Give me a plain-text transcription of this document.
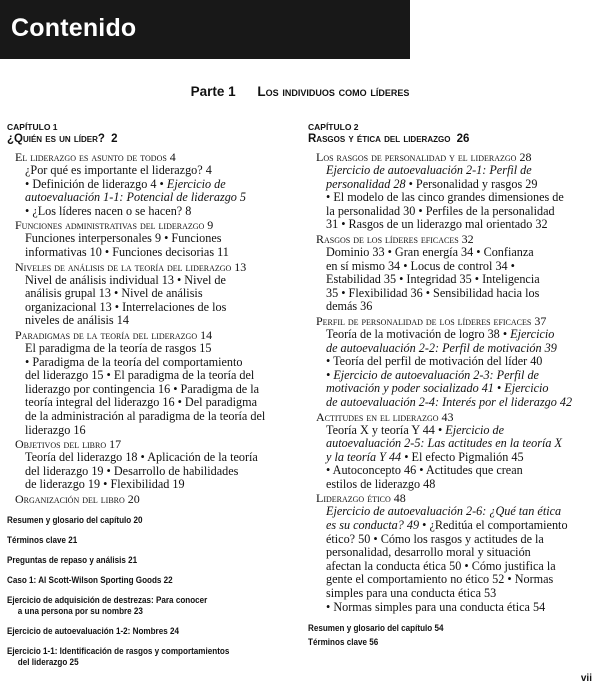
Contenido
Parte 1 Los individuos como líderes
CAPÍTULO 1
¿Quién es un líder? 2
El liderazgo es asunto de todos 4
¿Por qué es importante el liderazgo? 4
• Definición de liderazgo 4 • Ejercicio de
autoevaluación 1-1: Potencial de liderazgo 5
• ¿Los líderes nacen o se hacen? 8
Funciones administrativas del liderazgo 9
Funciones interpersonales 9 • Funciones
informativas 10 • Funciones decisorias 11
Niveles de análisis de la teoría del liderazgo 13
Nivel de análisis individual 13 • Nivel de
análisis grupal 13 • Nivel de análisis
organizacional 13 • Interrelaciones de los
niveles de análisis 14
Paradigmas de la teoría del liderazgo 14
El paradigma de la teoría de rasgos 15
• Paradigma de la teoría del comportamiento
del liderazgo 15 • El paradigma de la teoría del
liderazgo por contingencia 16 • Paradigma de la
teoría integral del liderazgo 16 • Del paradigma
de la administración al paradigma de la teoría del
liderazgo 16
Objetivos del libro 17
Teoría del liderazgo 18 • Aplicación de la teoría
del liderazgo 19 • Desarrollo de habilidades
de liderazgo 19 • Flexibilidad 19
Organización del libro 20
Resumen y glosario del capítulo 20
Términos clave 21
Preguntas de repaso y análisis 21
Caso 1: Al Scott-Wilson Sporting Goods 22
Ejercicio de adquisición de destrezas: Para conocer
a una persona por su nombre 23
Ejercicio de autoevaluación 1-2: Nombres 24
Ejercicio 1-1: Identificación de rasgos y comportamientos
del liderazgo 25
CAPÍTULO 2
Rasgos y ética del liderazgo 26
Los rasgos de personalidad y el liderazgo 28
Ejercicio de autoevaluación 2-1: Perfil de
personalidad 28 • Personalidad y rasgos 29
• El modelo de las cinco grandes dimensiones de
la personalidad 30 • Perfiles de la personalidad
31 • Rasgos de un liderazgo mal orientado 32
Rasgos de los líderes eficaces 32
Dominio 33 • Gran energía 34 • Confianza
en sí mismo 34 • Locus de control 34 •
Estabilidad 35 • Integridad 35 • Inteligencia
35 • Flexibilidad 36 • Sensibilidad hacia los
demás 36
Perfil de personalidad de los líderes eficaces 37
Teoría de la motivación de logro 38 • Ejercicio
de autoevaluación 2-2: Perfil de motivación 39
• Teoría del perfil de motivación del líder 40
• Ejercicio de autoevaluación 2-3: Perfil de
motivación y poder socializado 41 • Ejercicio
de autoevaluación 2-4: Interés por el liderazgo 42
Actitudes en el liderazgo 43
Teoría X y teoría Y 44 • Ejercicio de
autoevaluación 2-5: Las actitudes en la teoría X
y la teoría Y 44 • El efecto Pigmalión 45
• Autoconcepto 46 • Actitudes que crean
estilos de liderazgo 48
Liderazgo ético 48
Ejercicio de autoevaluación 2-6: ¿Qué tan ética
es su conducta? 49 • ¿Reditúa el comportamiento
ético? 50 • Cómo los rasgos y actitudes de la
personalidad, desarrollo moral y situación
afectan la conducta ética 50 • Cómo justifica la
gente el comportamiento no ético 52 • Normas
simples para una conducta ética 53
• Normas simples para una conducta ética 54
Resumen y glosario del capítulo 54
Términos clave 56
vii
